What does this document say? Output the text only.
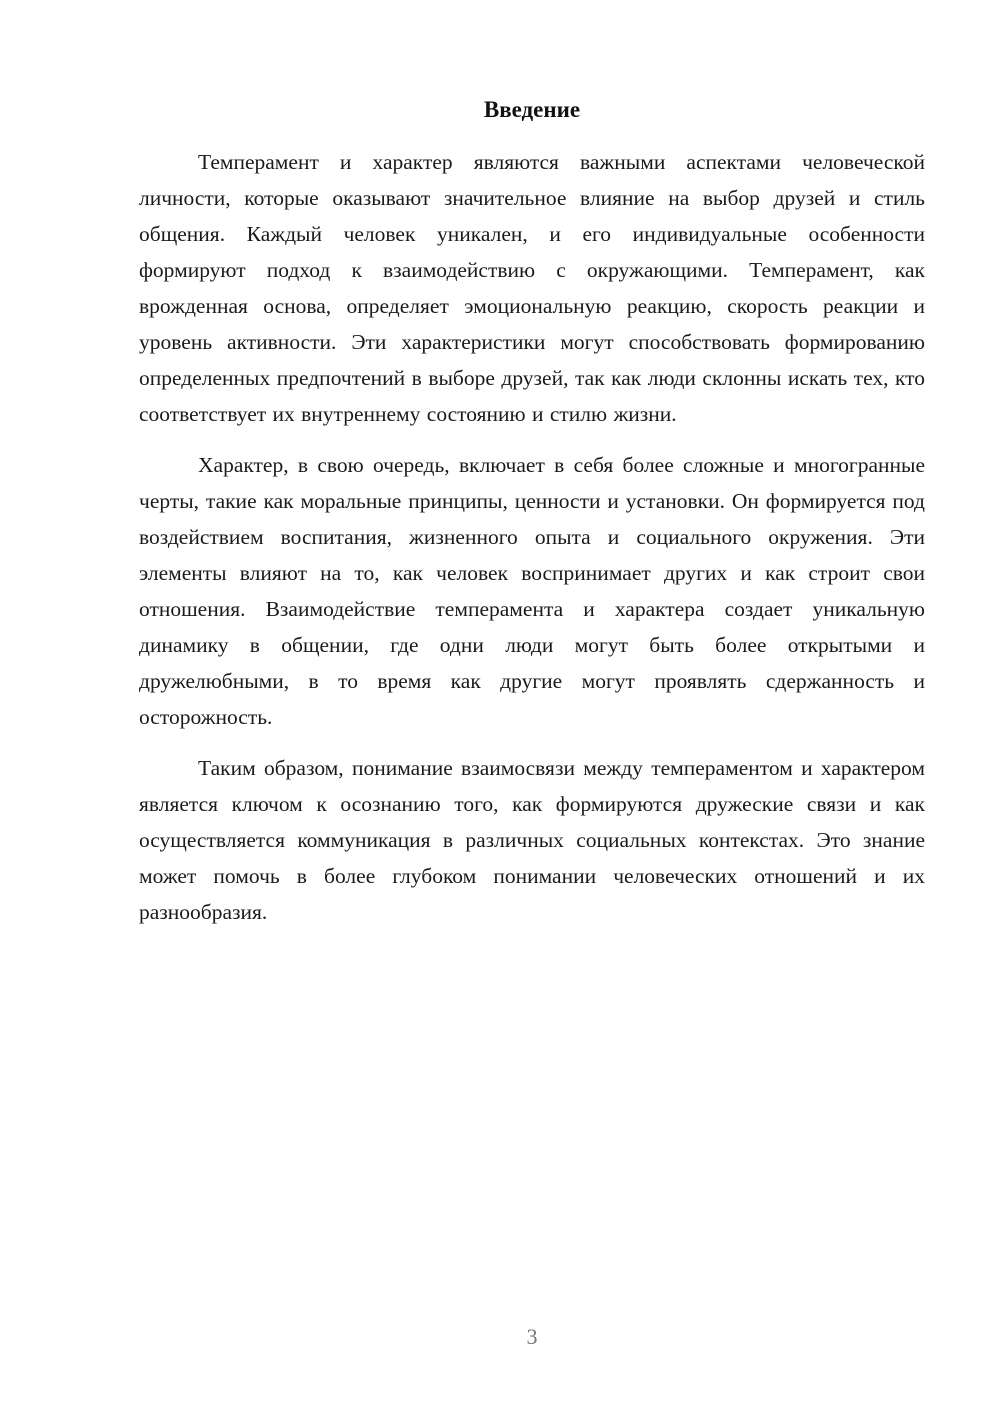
Введение

Темперамент и характер являются важными аспектами человеческой личности, которые оказывают значительное влияние на выбор друзей и стиль общения. Каждый человек уникален, и его индивидуальные особенности формируют подход к взаимодействию с окружающими. Темперамент, как врожденная основа, определяет эмоциональную реакцию, скорость реакции и уровень активности. Эти характеристики могут способствовать формированию определенных предпочтений в выборе друзей, так как люди склонны искать тех, кто соответствует их внутреннему состоянию и стилю жизни.

Характер, в свою очередь, включает в себя более сложные и многогранные черты, такие как моральные принципы, ценности и установки. Он формируется под воздействием воспитания, жизненного опыта и социального окружения. Эти элементы влияют на то, как человек воспринимает других и как строит свои отношения. Взаимодействие темперамента и характера создает уникальную динамику в общении, где одни люди могут быть более открытыми и дружелюбными, в то время как другие могут проявлять сдержанность и осторожность.

Таким образом, понимание взаимосвязи между темпераментом и характером является ключом к осознанию того, как формируются дружеские связи и как осуществляется коммуникация в различных социальных контекстах. Это знание может помочь в более глубоком понимании человеческих отношений и их разнообразия.

3
